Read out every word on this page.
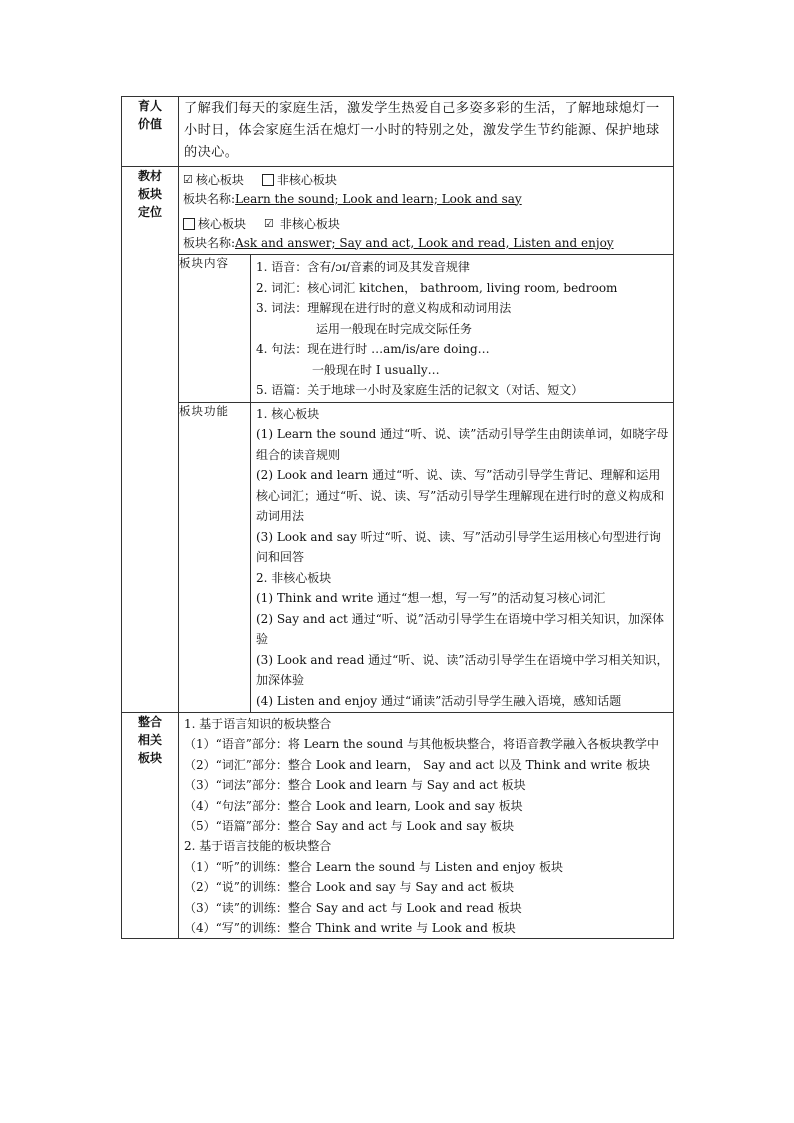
育人
价值

了解我们每天的家庭生活，激发学生热爱自己多姿多彩的生活，了解地球熄灯一小时日，体会家庭生活在熄灯一小时的特别之处，激发学生节约能源、保护地球的决心。

教材
板块
定位

☑ 核心板块	非核心板块
板块名称: Learn the sound; Look and learn; Look and say
核心板块 ☑ 非核心板块
板块名称: Ask and answer; Say and act, Look and read, Listen and enjoy
板块内容	1. 语音：含有/ɔɪ/音素的词及其发音规律
2. 词汇：核心词汇 kitchen， bathroom, living room, bedroom
3. 词法：理解现在进行时的意义构成和动词用法
运用一般现在时完成交际任务
4. 句法：现在进行时 …am/is/are doing…
一般现在时 I usually…
5. 语篇：关于地球一小时及家庭生活的记叙文（对话、短文）

板块功能	1. 核心板块
(1) Learn the sound 通过“听、说、读”活动引导学生由朗读单词，如晓字母组合的读音规则
(2) Look and learn 通过“听、说、读、写”活动引导学生背记、理解和运用核心词汇；通过“听、说、读、写”活动引导学生理解现在进行时的意义构成和动词用法
(3) Look and say 听过“听、说、读、写”活动引导学生运用核心句型进行询问和回答
2. 非核心板块
(1) Think and write 通过“想一想，写一写”的活动复习核心词汇
(2) Say and act 通过“听、说”活动引导学生在语境中学习相关知识，加深体验
(3) Look and read 通过“听、说、读”活动引导学生在语境中学习相关知识，加深体验
(4) Listen and enjoy 通过“诵读”活动引导学生融入语境，感知话题

整合
相关
板块

1. 基于语言知识的板块整合
（1）“语音”部分：将 Learn the sound 与其他板块整合，将语音教学融入各板块教学中
（2）“词汇”部分：整合 Look and learn， Say and act 以及 Think and write 板块
（3）“词法”部分：整合 Look and learn 与 Say and act 板块
（4）“句法”部分：整合 Look and learn, Look and say 板块
（5）“语篇”部分：整合 Say and act 与 Look and say 板块
2. 基于语言技能的板块整合
（1）“听”的训练：整合 Learn the sound 与 Listen and enjoy 板块
（2）“说”的训练：整合 Look and say 与 Say and act 板块
（3）“读”的训练：整合 Say and act 与 Look and read 板块
（4）“写”的训练：整合 Think and write 与 Look and 板块
